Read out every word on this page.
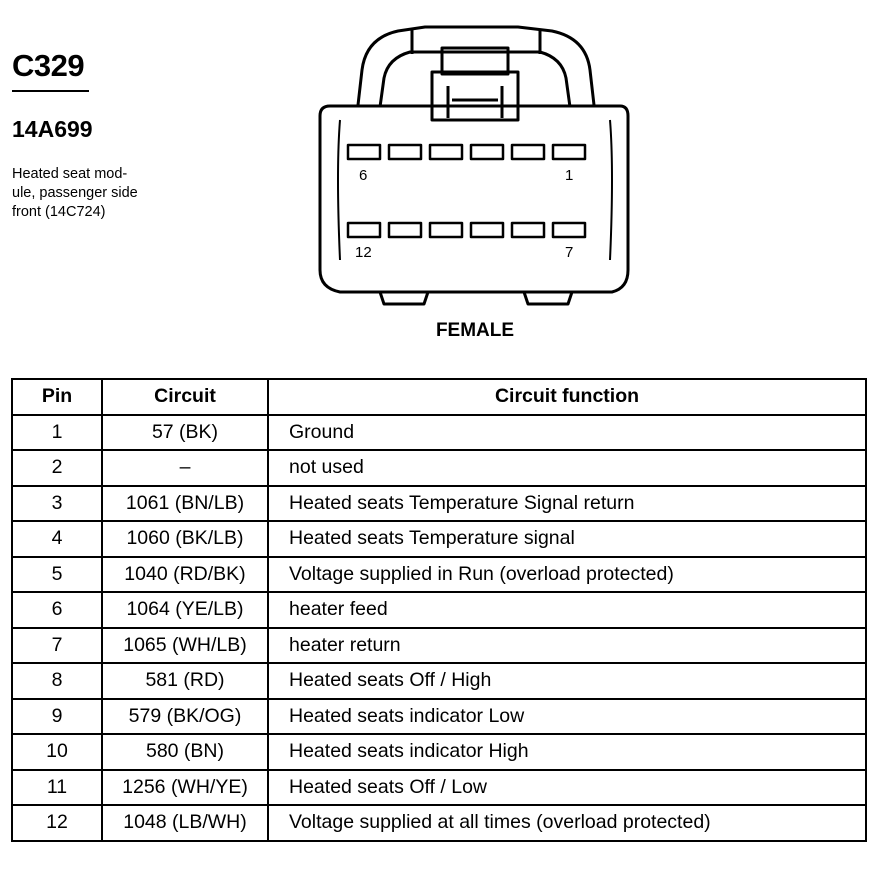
C329
14A699
Heated seat mod-
ule, passenger side
front (14C724)
6	1
12	7
FEMALE
Pin	Circuit	Circuit function
1	57 (BK)	Ground
2	–	not used
3	1061 (BN/LB)	Heated seats Temperature Signal return
4	1060 (BK/LB)	Heated seats Temperature signal
5	1040 (RD/BK)	Voltage supplied in Run (overload protected)
6	1064 (YE/LB)	heater feed
7	1065 (WH/LB)	heater return
8	581 (RD)	Heated seats Off / High
9	579 (BK/OG)	Heated seats indicator Low
10	580 (BN)	Heated seats indicator High
11	1256 (WH/YE)	Heated seats Off / Low
12	1048 (LB/WH)	Voltage supplied at all times (overload protected)
